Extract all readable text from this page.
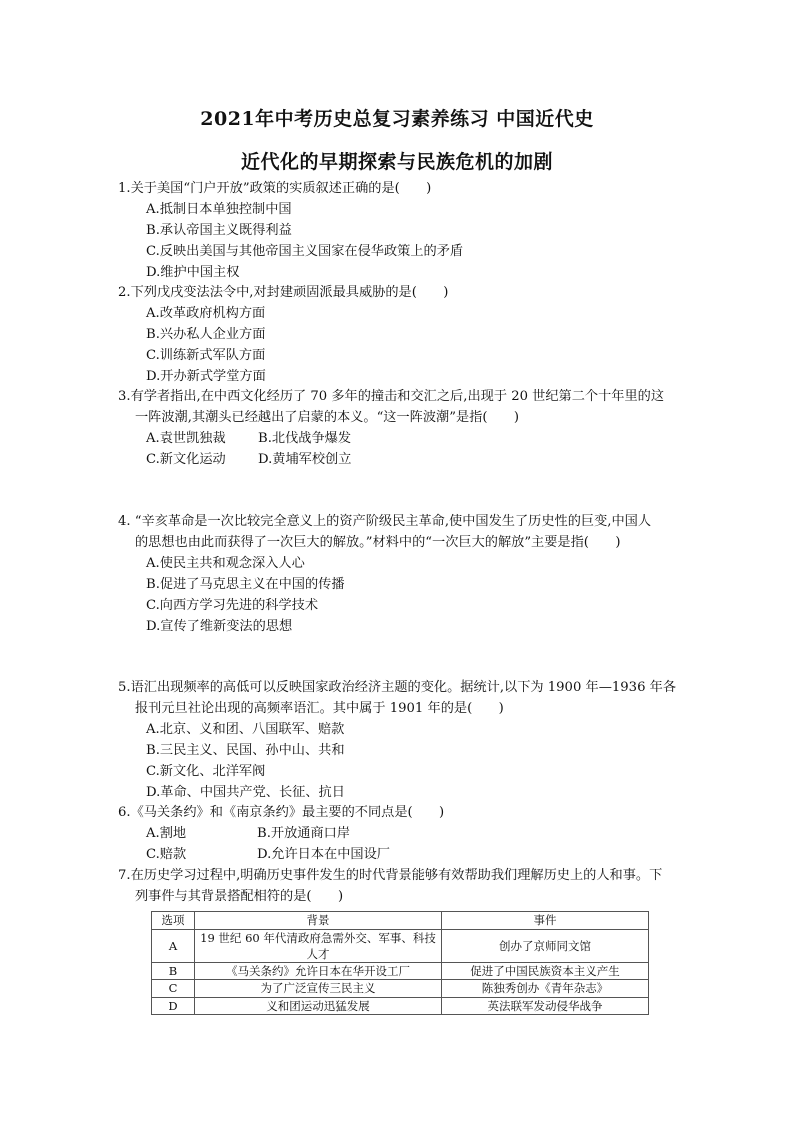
2021年中考历史总复习素养练习 中国近代史
近代化的早期探索与民族危机的加剧
1.关于美国“门户开放”政策的实质叙述正确的是(　　)
A.抵制日本单独控制中国
B.承认帝国主义既得利益
C.反映出美国与其他帝国主义国家在侵华政策上的矛盾
D.维护中国主权
2.下列戊戌变法法令中,对封建顽固派最具威胁的是(　　)
A.改革政府机构方面
B.兴办私人企业方面
C.训练新式军队方面
D.开办新式学堂方面
3.有学者指出,在中西文化经历了 70 多年的撞击和交汇之后,出现于 20 世纪第二个十年里的这
一阵波潮,其潮头已经越出了启蒙的本义。“这一阵波潮”是指(　　)
A.袁世凯独裁	B.北伐战争爆发
C.新文化运动	D.黄埔军校创立
4. “辛亥革命是一次比较完全意义上的资产阶级民主革命,使中国发生了历史性的巨变,中国人
的思想也由此而获得了一次巨大的解放。”材料中的“一次巨大的解放”主要是指(　　)
A.使民主共和观念深入人心
B.促进了马克思主义在中国的传播
C.向西方学习先进的科学技术
D.宣传了维新变法的思想
5.语汇出现频率的高低可以反映国家政治经济主题的变化。据统计,以下为 1900 年—1936 年各
报刊元旦社论出现的高频率语汇。其中属于 1901 年的是(　　)
A.北京、义和团、八国联军、赔款
B.三民主义、民国、孙中山、共和
C.新文化、北洋军阀
D.革命、中国共产党、长征、抗日
6.《马关条约》和《南京条约》最主要的不同点是(　　)
A.割地	B.开放通商口岸
C.赔款	D.允许日本在中国设厂
7.在历史学习过程中,明确历史事件发生的时代背景能够有效帮助我们理解历史上的人和事。下
列事件与其背景搭配相符的是(　　)
选项	背景	事件
A	19 世纪 60 年代清政府急需外交、军事、科技人才	创办了京师同文馆
B	《马关条约》允许日本在华开设工厂	促进了中国民族资本主义产生
C	为了广泛宣传三民主义	陈独秀创办《青年杂志》
D	义和团运动迅猛发展	英法联军发动侵华战争
